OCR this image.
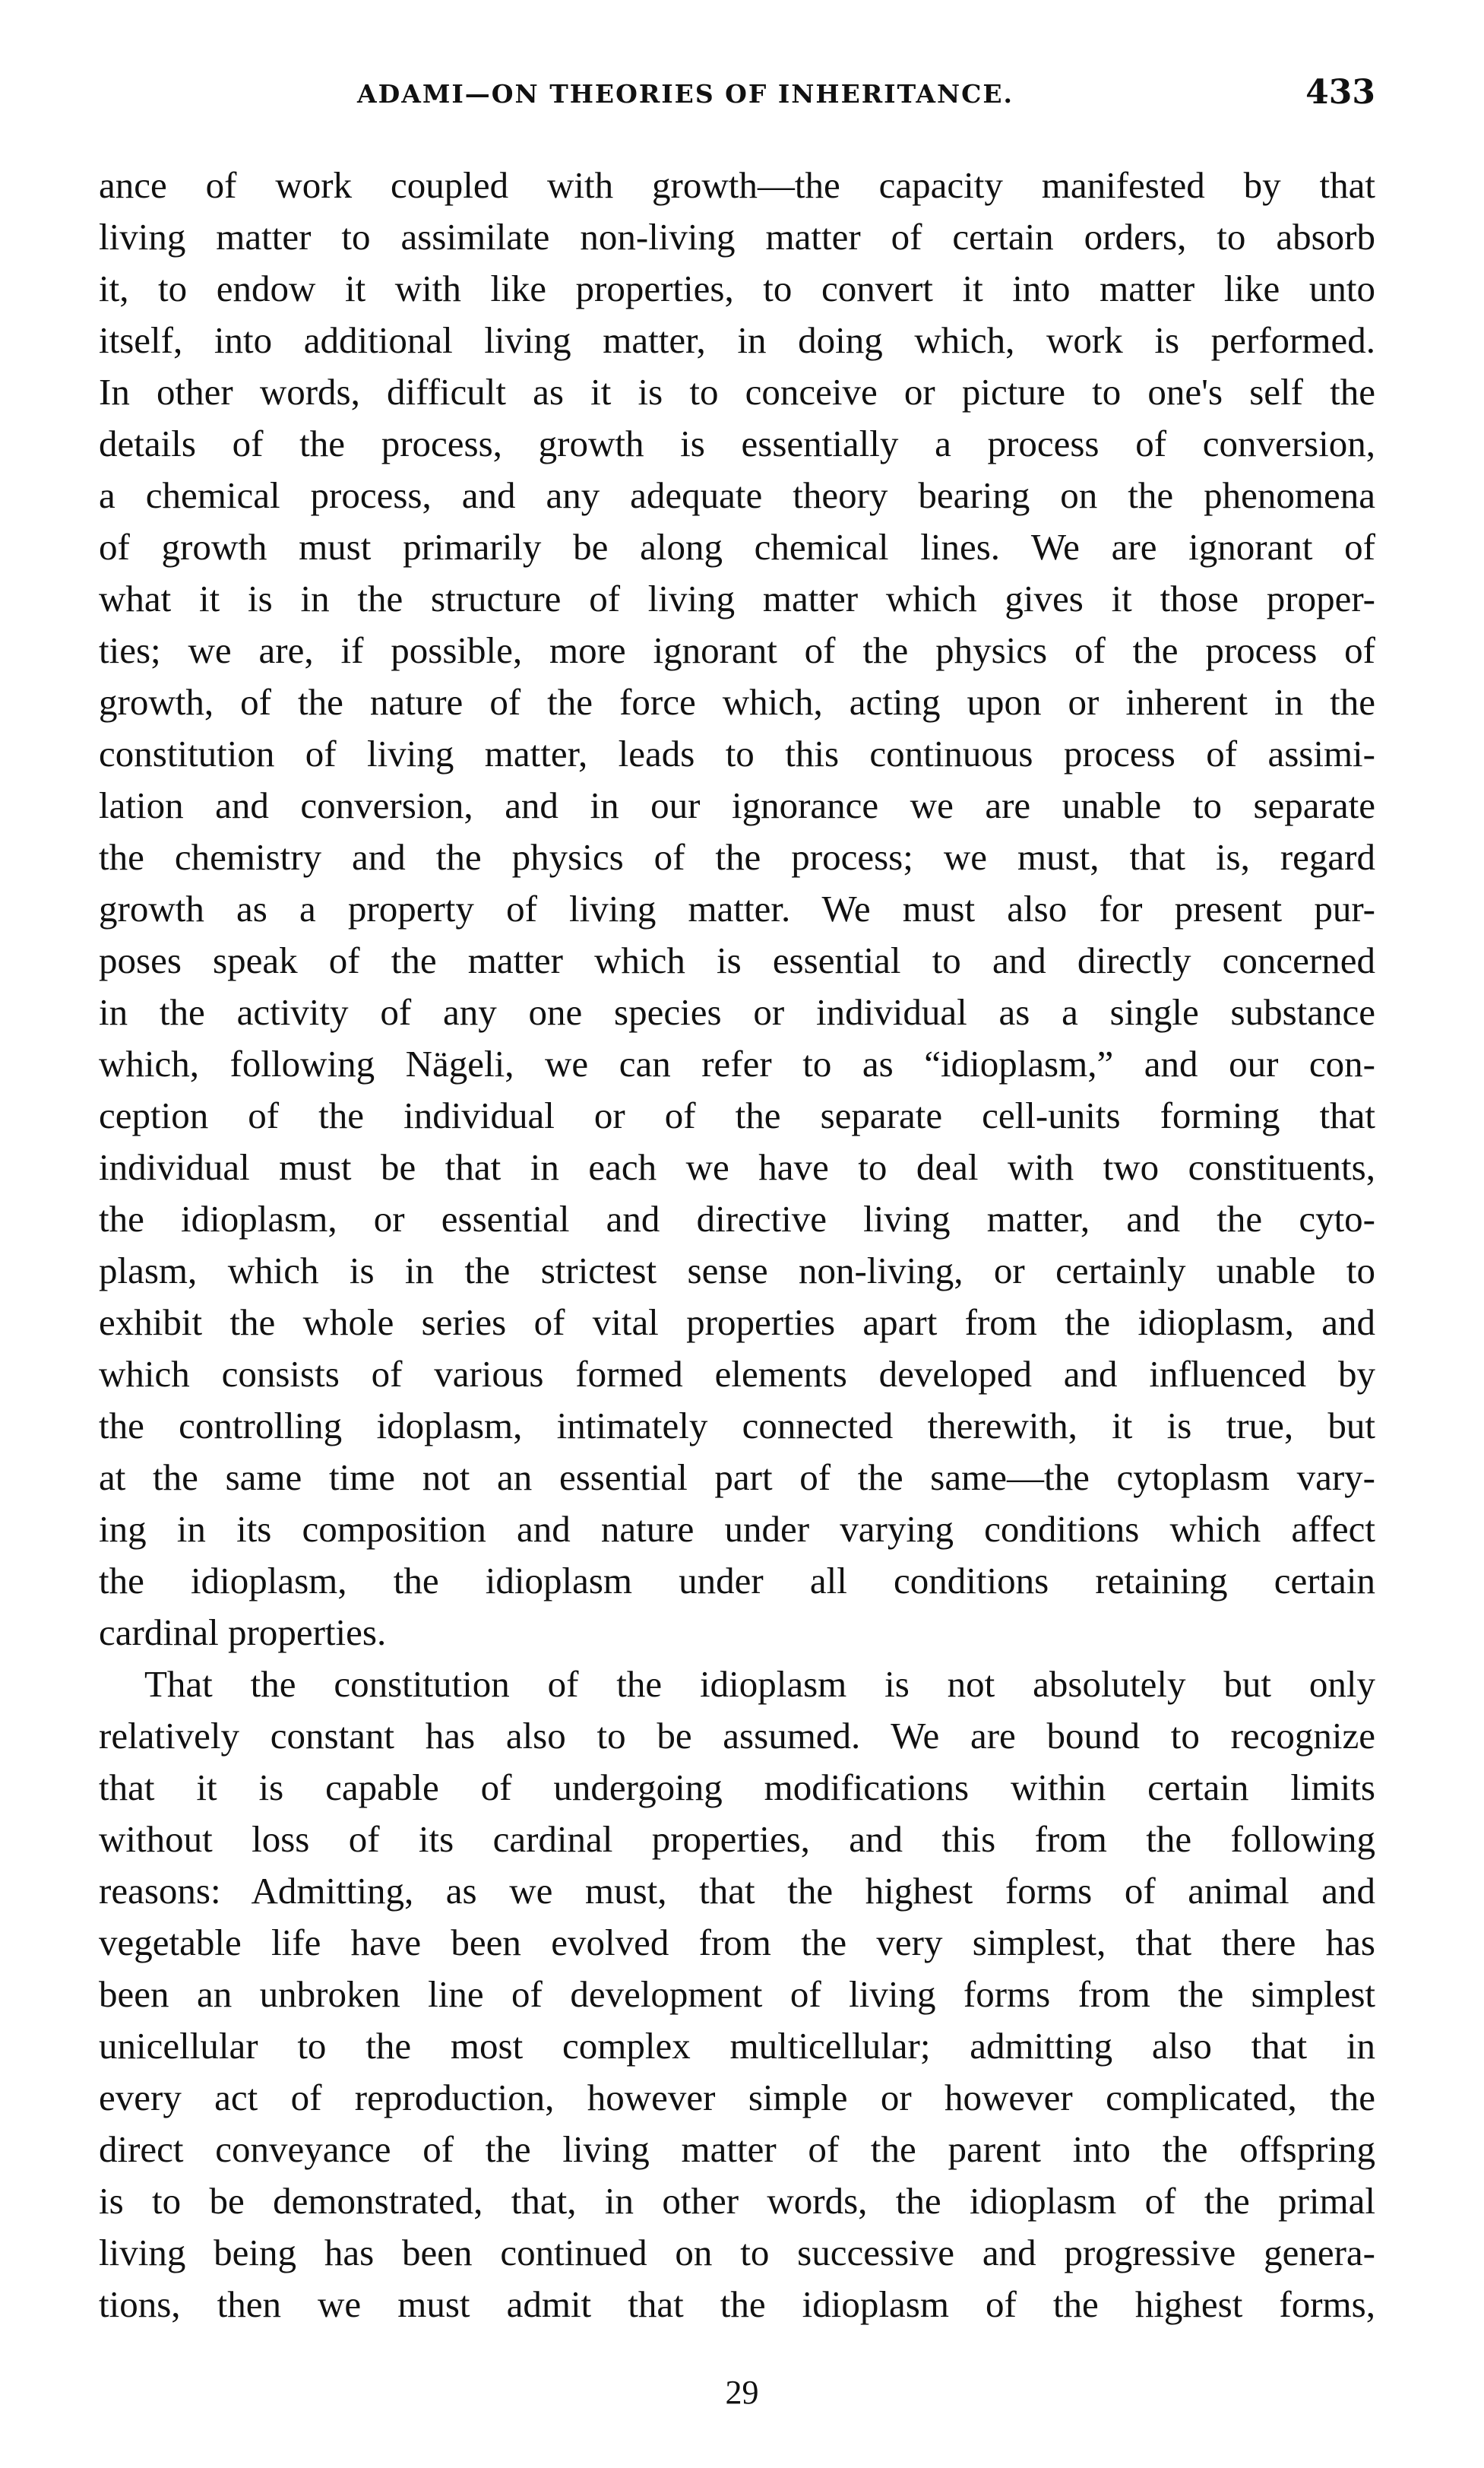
ADAMI—ON THEORIES OF INHERITANCE.	433
ance of work coupled with growth—the capacity manifested by that
living matter to assimilate non-living matter of certain orders, to absorb
it, to endow it with like properties, to convert it into matter like unto
itself, into additional living matter, in doing which, work is performed.
In other words, difficult as it is to conceive or picture to one's self the
details of the process, growth is essentially a process of conversion,
a chemical process, and any adequate theory bearing on the phenomena
of growth must primarily be along chemical lines. We are ignorant of
what it is in the structure of living matter which gives it those proper-
ties; we are, if possible, more ignorant of the physics of the process of
growth, of the nature of the force which, acting upon or inherent in the
constitution of living matter, leads to this continuous process of assimi-
lation and conversion, and in our ignorance we are unable to separate
the chemistry and the physics of the process; we must, that is, regard
growth as a property of living matter. We must also for present pur-
poses speak of the matter which is essential to and directly concerned
in the activity of any one species or individual as a single substance
which, following Nägeli, we can refer to as “idioplasm,” and our con-
ception of the individual or of the separate cell-units forming that
individual must be that in each we have to deal with two constituents,
the idioplasm, or essential and directive living matter, and the cyto-
plasm, which is in the strictest sense non-living, or certainly unable to
exhibit the whole series of vital properties apart from the idioplasm, and
which consists of various formed elements developed and influenced by
the controlling idoplasm, intimately connected therewith, it is true, but
at the same time not an essential part of the same—the cytoplasm vary-
ing in its composition and nature under varying conditions which affect
the idioplasm, the idioplasm under all conditions retaining certain
cardinal properties.
That the constitution of the idioplasm is not absolutely but only
relatively constant has also to be assumed. We are bound to recognize
that it is capable of undergoing modifications within certain limits
without loss of its cardinal properties, and this from the following
reasons: Admitting, as we must, that the highest forms of animal and
vegetable life have been evolved from the very simplest, that there has
been an unbroken line of development of living forms from the simplest
unicellular to the most complex multicellular; admitting also that in
every act of reproduction, however simple or however complicated, the
direct conveyance of the living matter of the parent into the offspring
is to be demonstrated, that, in other words, the idioplasm of the primal
living being has been continued on to successive and progressive genera-
tions, then we must admit that the idioplasm of the highest forms,
29
